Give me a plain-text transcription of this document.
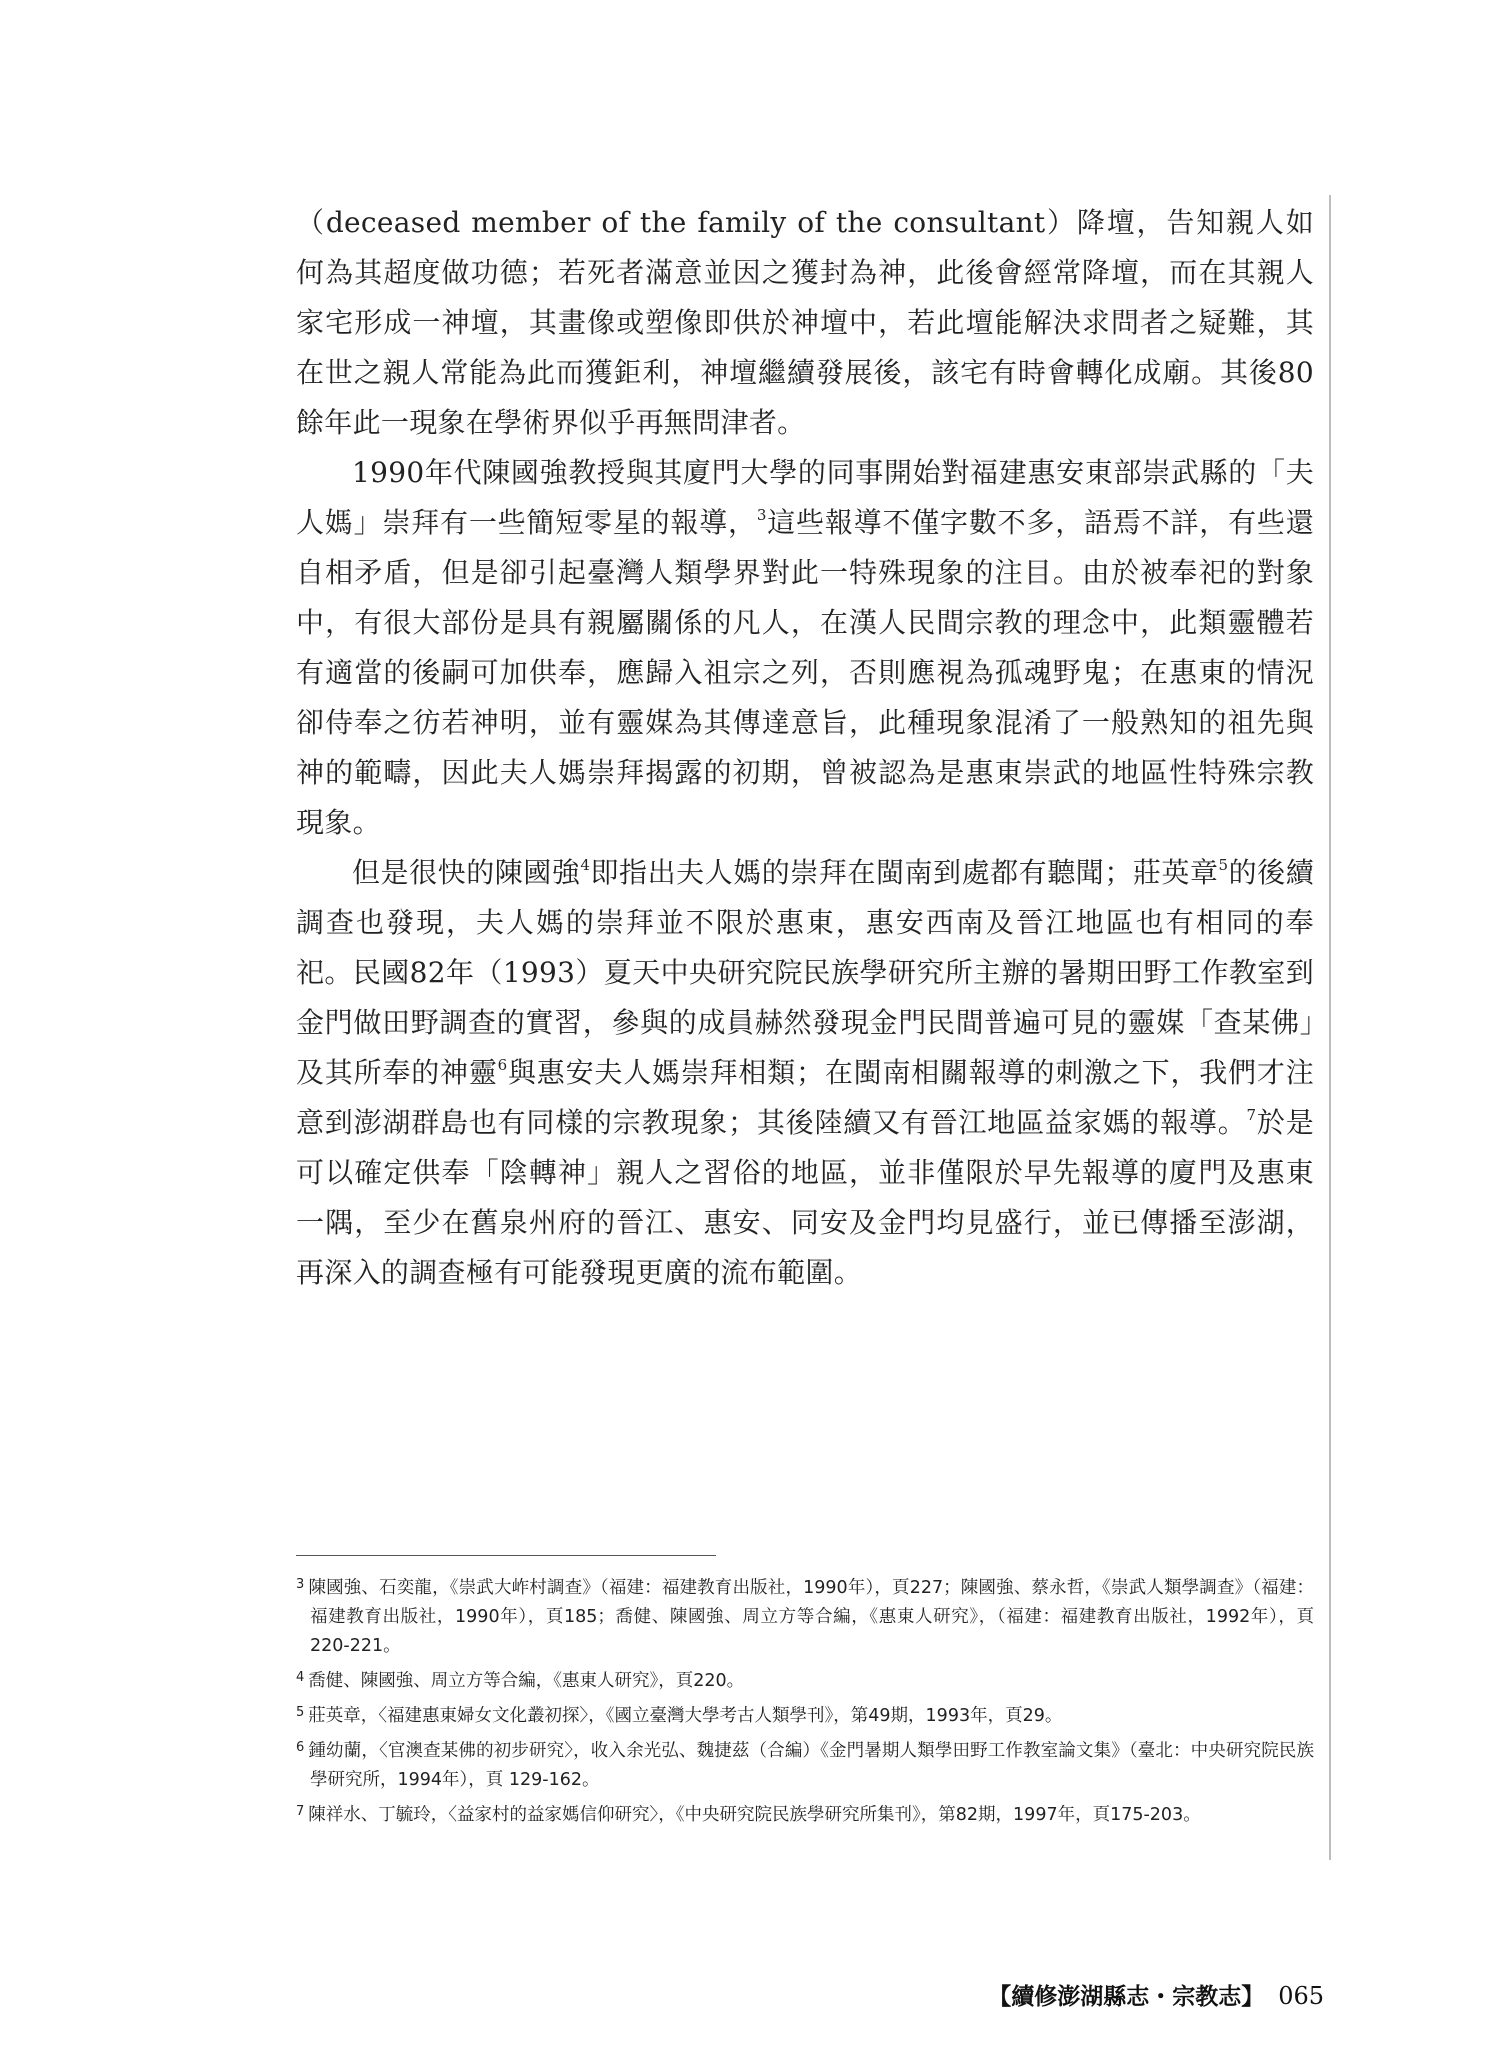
（deceased member of the family of the consultant）降壇，告知親人如何為其超度做功德；若死者滿意並因之獲封為神，此後會經常降壇，而在其親人家宅形成一神壇，其畫像或塑像即供於神壇中，若此壇能解決求問者之疑難，其在世之親人常能為此而獲鉅利，神壇繼續發展後，該宅有時會轉化成廟。其後80餘年此一現象在學術界似乎再無問津者。

1990年代陳國強教授與其廈門大學的同事開始對福建惠安東部崇武縣的「夫人媽」崇拜有一些簡短零星的報導，$^3$這些報導不僅字數不多，語焉不詳，有些還自相矛盾，但是卻引起臺灣人類學界對此一特殊現象的注目。由於被奉祀的對象中，有很大部份是具有親屬關係的凡人，在漢人民間宗教的理念中，此類靈體若有適當的後嗣可加供奉，應歸入祖宗之列，否則應視為孤魂野鬼；在惠東的情況卻侍奉之彷若神明，並有靈媒為其傳達意旨，此種現象混淆了一般熟知的祖先與神的範疇，因此夫人媽崇拜揭露的初期，曾被認為是惠東崇武的地區性特殊宗教現象。

但是很快的陳國強$^4$即指出夫人媽的崇拜在閩南到處都有聽聞；莊英章$^5$的後續調查也發現，夫人媽的崇拜並不限於惠東，惠安西南及晉江地區也有相同的奉祀。民國82年（1993）夏天中央研究院民族學研究所主辦的暑期田野工作教室到金門做田野調查的實習，參與的成員赫然發現金門民間普遍可見的靈媒「查某佛」及其所奉的神靈$^6$與惠安夫人媽崇拜相類；在閩南相關報導的刺激之下，我們才注意到澎湖群島也有同樣的宗教現象；其後陸續又有晉江地區益家媽的報導。$^7$於是可以確定供奉「陰轉神」親人之習俗的地區，並非僅限於早先報導的廈門及惠東一隅，至少在舊泉州府的晉江、惠安、同安及金門均見盛行，並已傳播至澎湖，再深入的調查極有可能發現更廣的流布範圍。

$^3$ 陳國強、石奕龍，《崇武大岞村調查》（福建：福建教育出版社，1990年），頁227；陳國強、蔡永哲，《崇武人類學調查》（福建：福建教育出版社，1990年），頁185；喬健、陳國強、周立方等合編，《惠東人研究》，（福建：福建教育出版社，1992年），頁220-221。

$^4$ 喬健、陳國強、周立方等合編，《惠東人研究》，頁220。

$^5$ 莊英章，〈福建惠東婦女文化叢初探〉，《國立臺灣大學考古人類學刊》，第49期，1993年，頁29。

$^6$ 鍾幼蘭，〈官澳查某佛的初步研究〉，收入余光弘、魏捷茲（合編）《金門暑期人類學田野工作教室論文集》（臺北：中央研究院民族學研究所，1994年），頁 129-162。

$^7$ 陳祥水、丁毓玲，〈益家村的益家媽信仰研究〉，《中央研究院民族學研究所集刊》，第82期，1997年，頁175-203。

【續修澎湖縣志・宗教志】 065
